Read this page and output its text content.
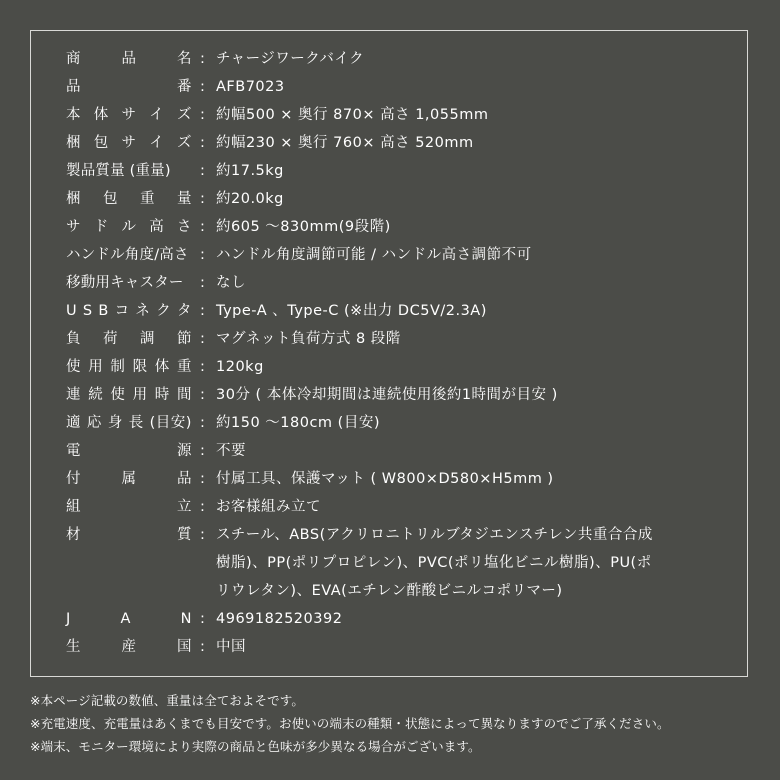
商	品	名 : チャージワークバイク
品	番 : AFB7023
本 体 サ イ ズ : 約幅500 × 奥行 870× 高さ 1,055mm
梱 包 サ イ ズ : 約幅230 × 奥行 760× 高さ 520mm
製品質量 (重量) : 約17.5kg
梱 包 重 量 : 約20.0kg
サ ド ル 高 さ : 約605 ～830mm(9段階)
ハンドル角度/高さ : ハンドル角度調節可能 / ハンドル高さ調節不可
移動用キャスター : なし
U S B コ ネ ク タ : Type-A 、Type-C (※出力 DC5V/2.3A)
負 荷 調 節 : マグネット負荷方式 8 段階
使 用 制 限 体 重 : 120kg
連 続 使 用 時 間 : 30分 ( 本体冷却期間は連続使用後約1時間が目安 )
適 応 身 長 (目安) : 約150 ～180cm (目安)
電	源 : 不要
付	属	品 : 付属工具、保護マット ( W800×D580×H5mm )
組	立 : お客様組み立て
材	質 : スチール、ABS(アクリロニトリルブタジエンスチレン共重合合成
樹脂)、PP(ポリプロピレン)、PVC(ポリ塩化ビニル樹脂)、PU(ポ
リウレタン)、EVA(エチレン酢酸ビニルコポリマー)
J	A	N : 4969182520392
生	産	国 : 中国
※本ページ記載の数値、重量は全ておよそです。
※充電速度、充電量はあくまでも目安です。お使いの端末の種類・状態によって異なりますのでご了承ください。
※端末、モニター環境により実際の商品と色味が多少異なる場合がございます。
